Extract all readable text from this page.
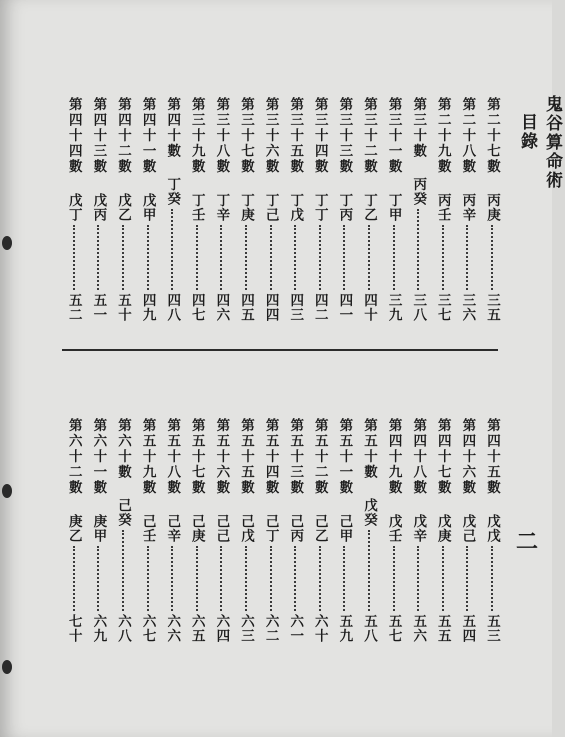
鬼谷算命術
目錄
第二十七數
丙庚
三五
第二十八數
丙辛
三六
第二十九數
丙壬
三七
第三十數
丙癸
三八
第三十一數
丁甲
三九
第三十二數
丁乙
四十
第三十三數
丁丙
四一
第三十四數
丁丁
四二
第三十五數
丁戊
四三
第三十六數
丁己
四四
第三十七數
丁庚
四五
第三十八數
丁辛
四六
第三十九數
丁壬
四七
第四十數
丁癸
四八
第四十一數
戊甲
四九
第四十二數
戊乙
五十
第四十三數
戊丙
五一
第四十四數
戊丁
五二
第四十五數
戊戊
五三
第四十六數
戊己
五四
第四十七數
戊庚
五五
第四十八數
戊辛
五六
第四十九數
戊壬
五七
第五十數
戊癸
五八
第五十一數
己甲
五九
第五十二數
己乙
六十
第五十三數
己丙
六一
第五十四數
己丁
六二
第五十五數
己戊
六三
第五十六數
己己
六四
第五十七數
己庚
六五
第五十八數
己辛
六六
第五十九數
己壬
六七
第六十數
己癸
六八
第六十一數
庚甲
六九
第六十二數
庚乙
七十
二
